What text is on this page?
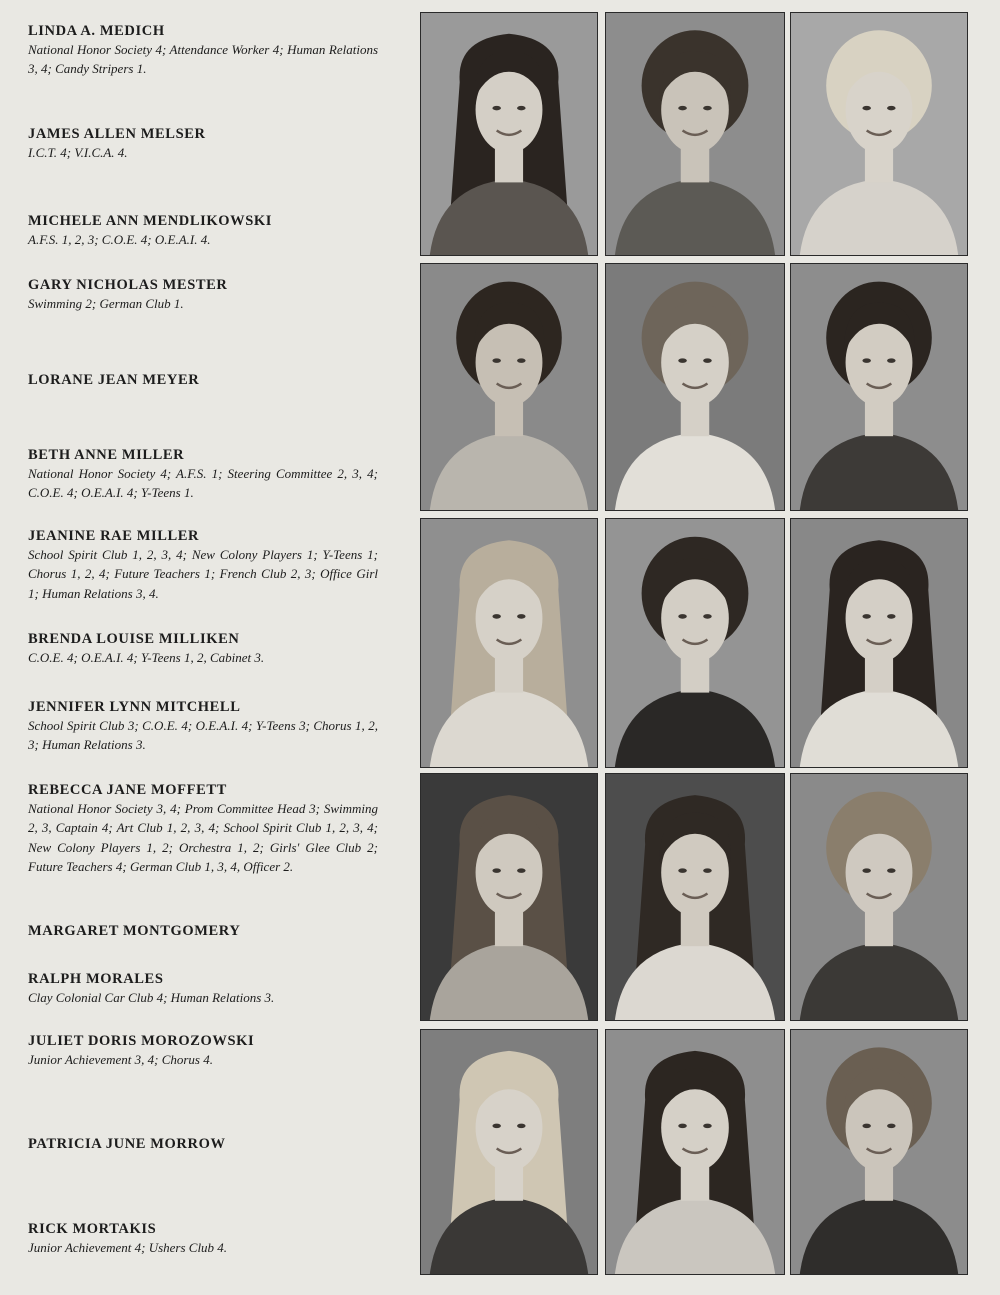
LINDA A. MEDICH

National Honor Society 4; Attendance Worker 4; Human Relations 3, 4; Candy Stripers 1.

JAMES ALLEN MELSER

I.C.T. 4; V.I.C.A. 4.

MICHELE ANN MENDLIKOWSKI

A.F.S. 1, 2, 3; C.O.E. 4; O.E.A.I. 4.

GARY NICHOLAS MESTER

Swimming 2; German Club 1.

LORANE JEAN MEYER

BETH ANNE MILLER

National Honor Society 4; A.F.S. 1; Steering Committee 2, 3, 4; C.O.E. 4; O.E.A.I. 4; Y-Teens 1.

JEANINE RAE MILLER

School Spirit Club 1, 2, 3, 4; New Colony Players 1; Y-Teens 1; Chorus 1, 2, 4; Future Teachers 1; French Club 2, 3; Office Girl 1; Human Relations 3, 4.

BRENDA LOUISE MILLIKEN

C.O.E. 4; O.E.A.I. 4; Y-Teens 1, 2, Cabinet 3.

JENNIFER LYNN MITCHELL

School Spirit Club 3; C.O.E. 4; O.E.A.I. 4; Y-Teens 3; Chorus 1, 2, 3; Human Relations 3.

REBECCA JANE MOFFETT

National Honor Society 3, 4; Prom Committee Head 3; Swimming 2, 3, Captain 4; Art Club 1, 2, 3, 4; School Spirit Club 1, 2, 3, 4; New Colony Players 1, 2; Orchestra 1, 2; Girls' Glee Club 2; Future Teachers 4; German Club 1, 3, 4, Officer 2.

MARGARET MONTGOMERY

RALPH MORALES

Clay Colonial Car Club 4; Human Relations 3.

JULIET DORIS MOROZOWSKI

Junior Achievement 3, 4; Chorus 4.

PATRICIA JUNE MORROW

RICK MORTAKIS

Junior Achievement 4; Ushers Club 4.
